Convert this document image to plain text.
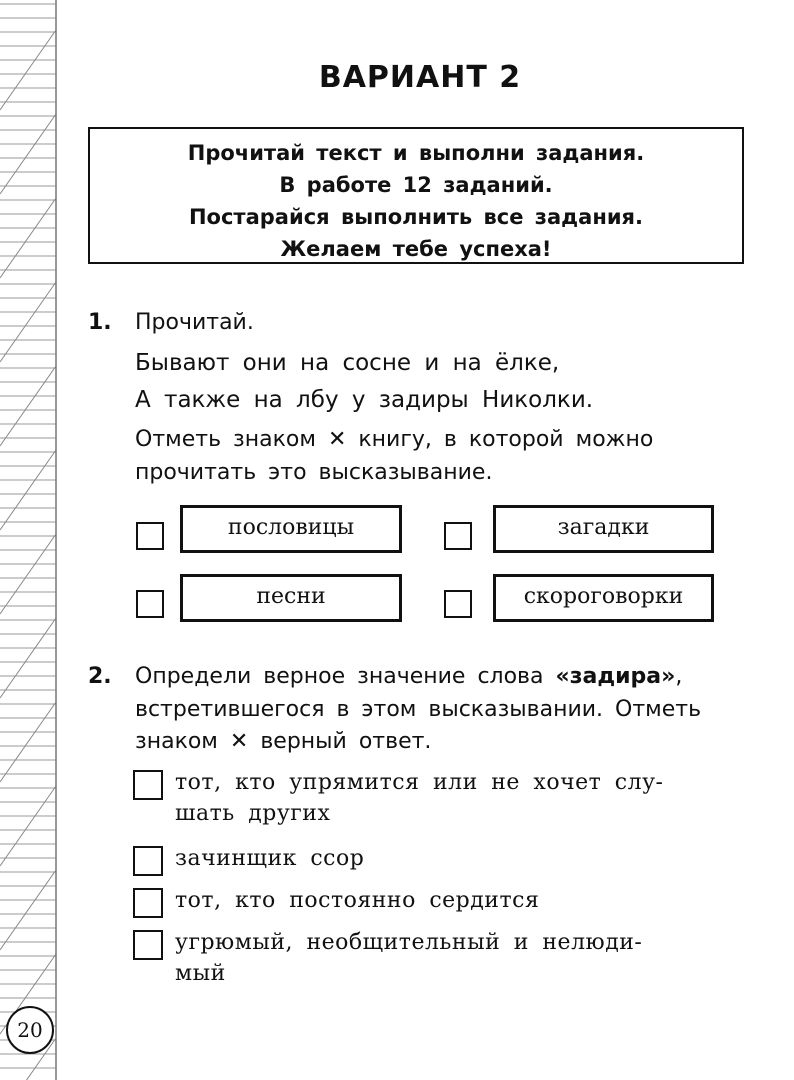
ВАРИАНТ 2
Прочитай текст и выполни задания.
В работе 12 заданий.
Постарайся выполнить все задания.
Желаем тебе успеха!
1. Прочитай.
Бывают они на сосне и на ёлке,
А также на лбу у задиры Николки.
Отметь знаком ✕ книгу, в которой можно
прочитать это высказывание.
пословицы	загадки
песни	скороговорки
2. Определи верное значение слова «задира»,
встретившегося в этом высказывании. Отметь
знаком ✕ верный ответ.
тот, кто упрямится или не хочет слу-
шать других
зачинщик ссор
тот, кто постоянно сердится
угрюмый, необщительный и нелюди-
мый
20
